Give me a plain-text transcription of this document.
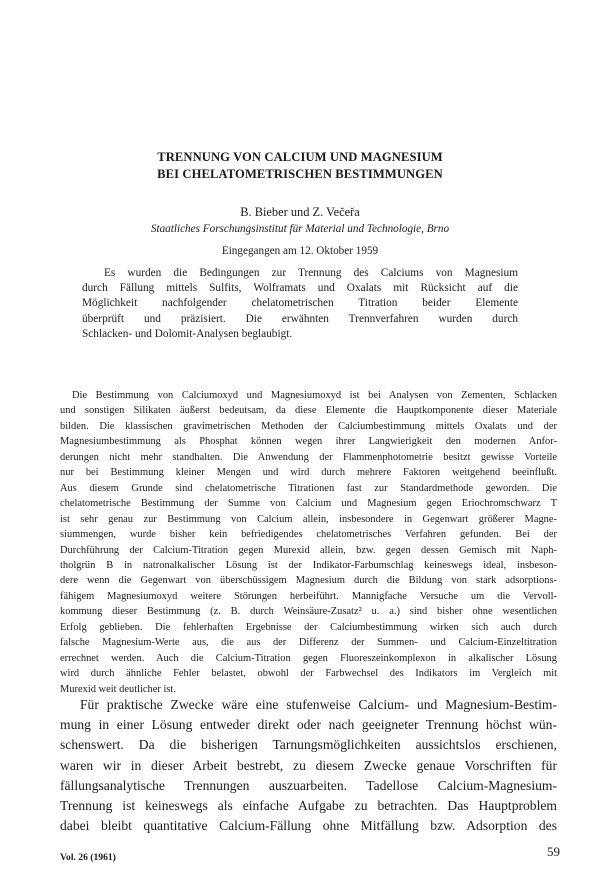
TRENNUNG VON CALCIUM UND MAGNESIUM
BEI CHELATOMETRISCHEN BESTIMMUNGEN
B. Bieber und Z. Večeřa
Staatliches Forschungsinstitut für Material und Technologie, Brno
Eingegangen am 12. Oktober 1959
Es wurden die Bedingungen zur Trennung des Calciums von Magnesium
durch Fällung mittels Sulfits, Wolframats und Oxalats mit Rücksicht auf die
Möglichkeit nachfolgender chelatometrischen Titration beider Elemente
überprüft und präzisiert. Die erwähnten Trennverfahren wurden durch
Schlacken- und Dolomit-Analysen beglaubigt.
Die Bestimmung von Calciumoxyd und Magnesiumoxyd ist bei Analysen von Zementen, Schlacken
und sonstigen Silikaten äußerst bedeutsam, da diese Elemente die Hauptkomponente dieser Materiale
bilden. Die klassischen gravimetrischen Methoden der Calciumbestimmung mittels Oxalats und der
Magnesiumbestimmung als Phosphat können wegen ihrer Langwierigkeit den modernen Anfor-
derungen nicht mehr standhalten. Die Anwendung der Flammenphotometrie besitzt gewisse Vorteile
nur bei Bestimmung kleiner Mengen und wird durch mehrere Faktoren weitgehend beeinflußt.
Aus diesem Grunde sind chelatometrische Titrationen fast zur Standardmethode geworden. Die
chelatometrische Bestimmung der Summe von Calcium und Magnesium gegen Eriochromschwarz T
ist sehr genau zur Bestimmung von Calcium allein, insbesondere in Gegenwart größerer Magne-
siummengen, wurde bisher kein befriedigendes chelatometrisches Verfahren gefunden. Bei der
Durchführung der Calcium-Titration gegen Murexid allein, bzw. gegen dessen Gemisch mit Naph-
tholgrün B in natronalkalischer Lösung ist der Indikator-Farbumschlag keineswegs ideal, insbeson-
dere wenn die Gegenwart von überschüssigem Magnesium durch die Bildung von stark adsorptions-
fähigem Magnesiumoxyd weitere Störungen herbeiführt. Mannigfache Versuche um die Vervoll-
kommung dieser Bestimmung (z. B. durch Weinsäure-Zusatz² u. a.) sind bisher ohne wesentlichen
Erfolg geblieben. Die fehlerhaften Ergebnisse der Calciumbestimmung wirken sich auch durch
falsche Magnesium-Werte aus, die aus der Differenz der Summen- und Calcium-Einzeltitration
errechnet werden. Auch die Calcium-Titration gegen Fluoreszeinkomplexon in alkalischer Lösung
wird durch ähnliche Fehler belastet, obwohl der Farbwechsel des Indikators im Vergleich mit
Murexid weit deutlicher ist.
Für praktische Zwecke wäre eine stufenweise Calcium- und Magnesium-Bestim-
mung in einer Lösung entweder direkt oder nach geeigneter Trennung höchst wün-
schenswert. Da die bisherigen Tarnungsmöglichkeiten aussichtslos erschienen,
waren wir in dieser Arbeit bestrebt, zu diesem Zwecke genaue Vorschriften für
fällungsanalytische Trennungen auszuarbeiten. Tadellose Calcium-Magnesium-
Trennung ist keineswegs als einfache Aufgabe zu betrachten. Das Hauptproblem
dabei bleibt quantitative Calcium-Fällung ohne Mitfällung bzw. Adsorption des
Vol. 26 (1961)	59
